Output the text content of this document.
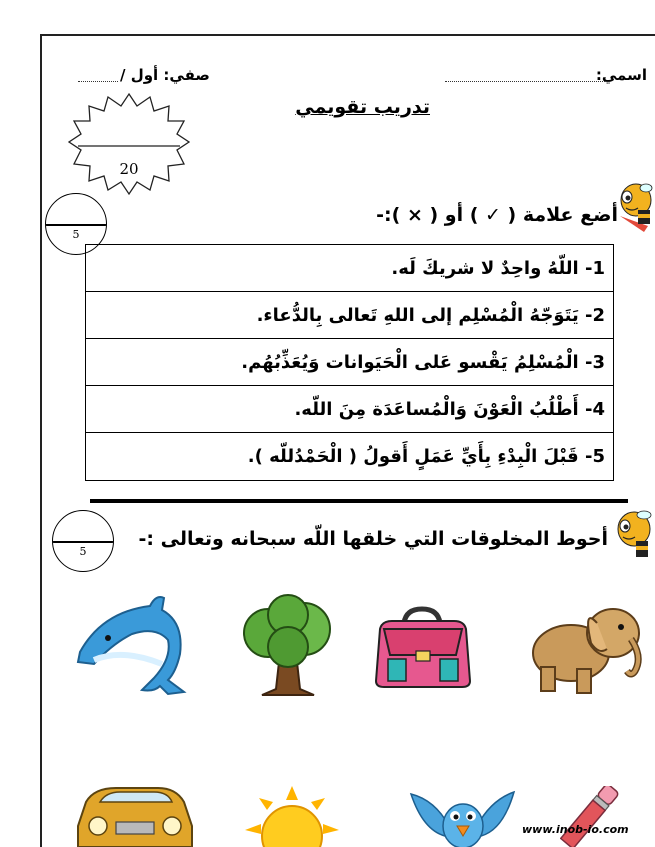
اسمي:
صفي: أول /
تدريب تقويمي
20
أضع علامة ( ✓ ) أو ( × ):-
5
1- اللّهُ واحِدٌ لا شريكَ لَه.
2- يَتَوَجّهُ الْمُسْلِم إلى اللهِ تَعالى بِالدُّعاء.
3- الْمُسْلِمُ يَقْسو عَلى الْحَيَوانات وَيُعَذِّبُهُم.
4- أَطْلُبُ الْعَوْنَ وَالْمُساعَدَة مِنَ اللّه.
5- قَبْلَ الْبِدْءِ بِأَيِّ عَمَلٍ أَقولُ ( الْحَمْدُللّه ).
أحوط المخلوقات التي خلقها اللّه سبحانه وتعالى :-
5
www.inob-io.com
